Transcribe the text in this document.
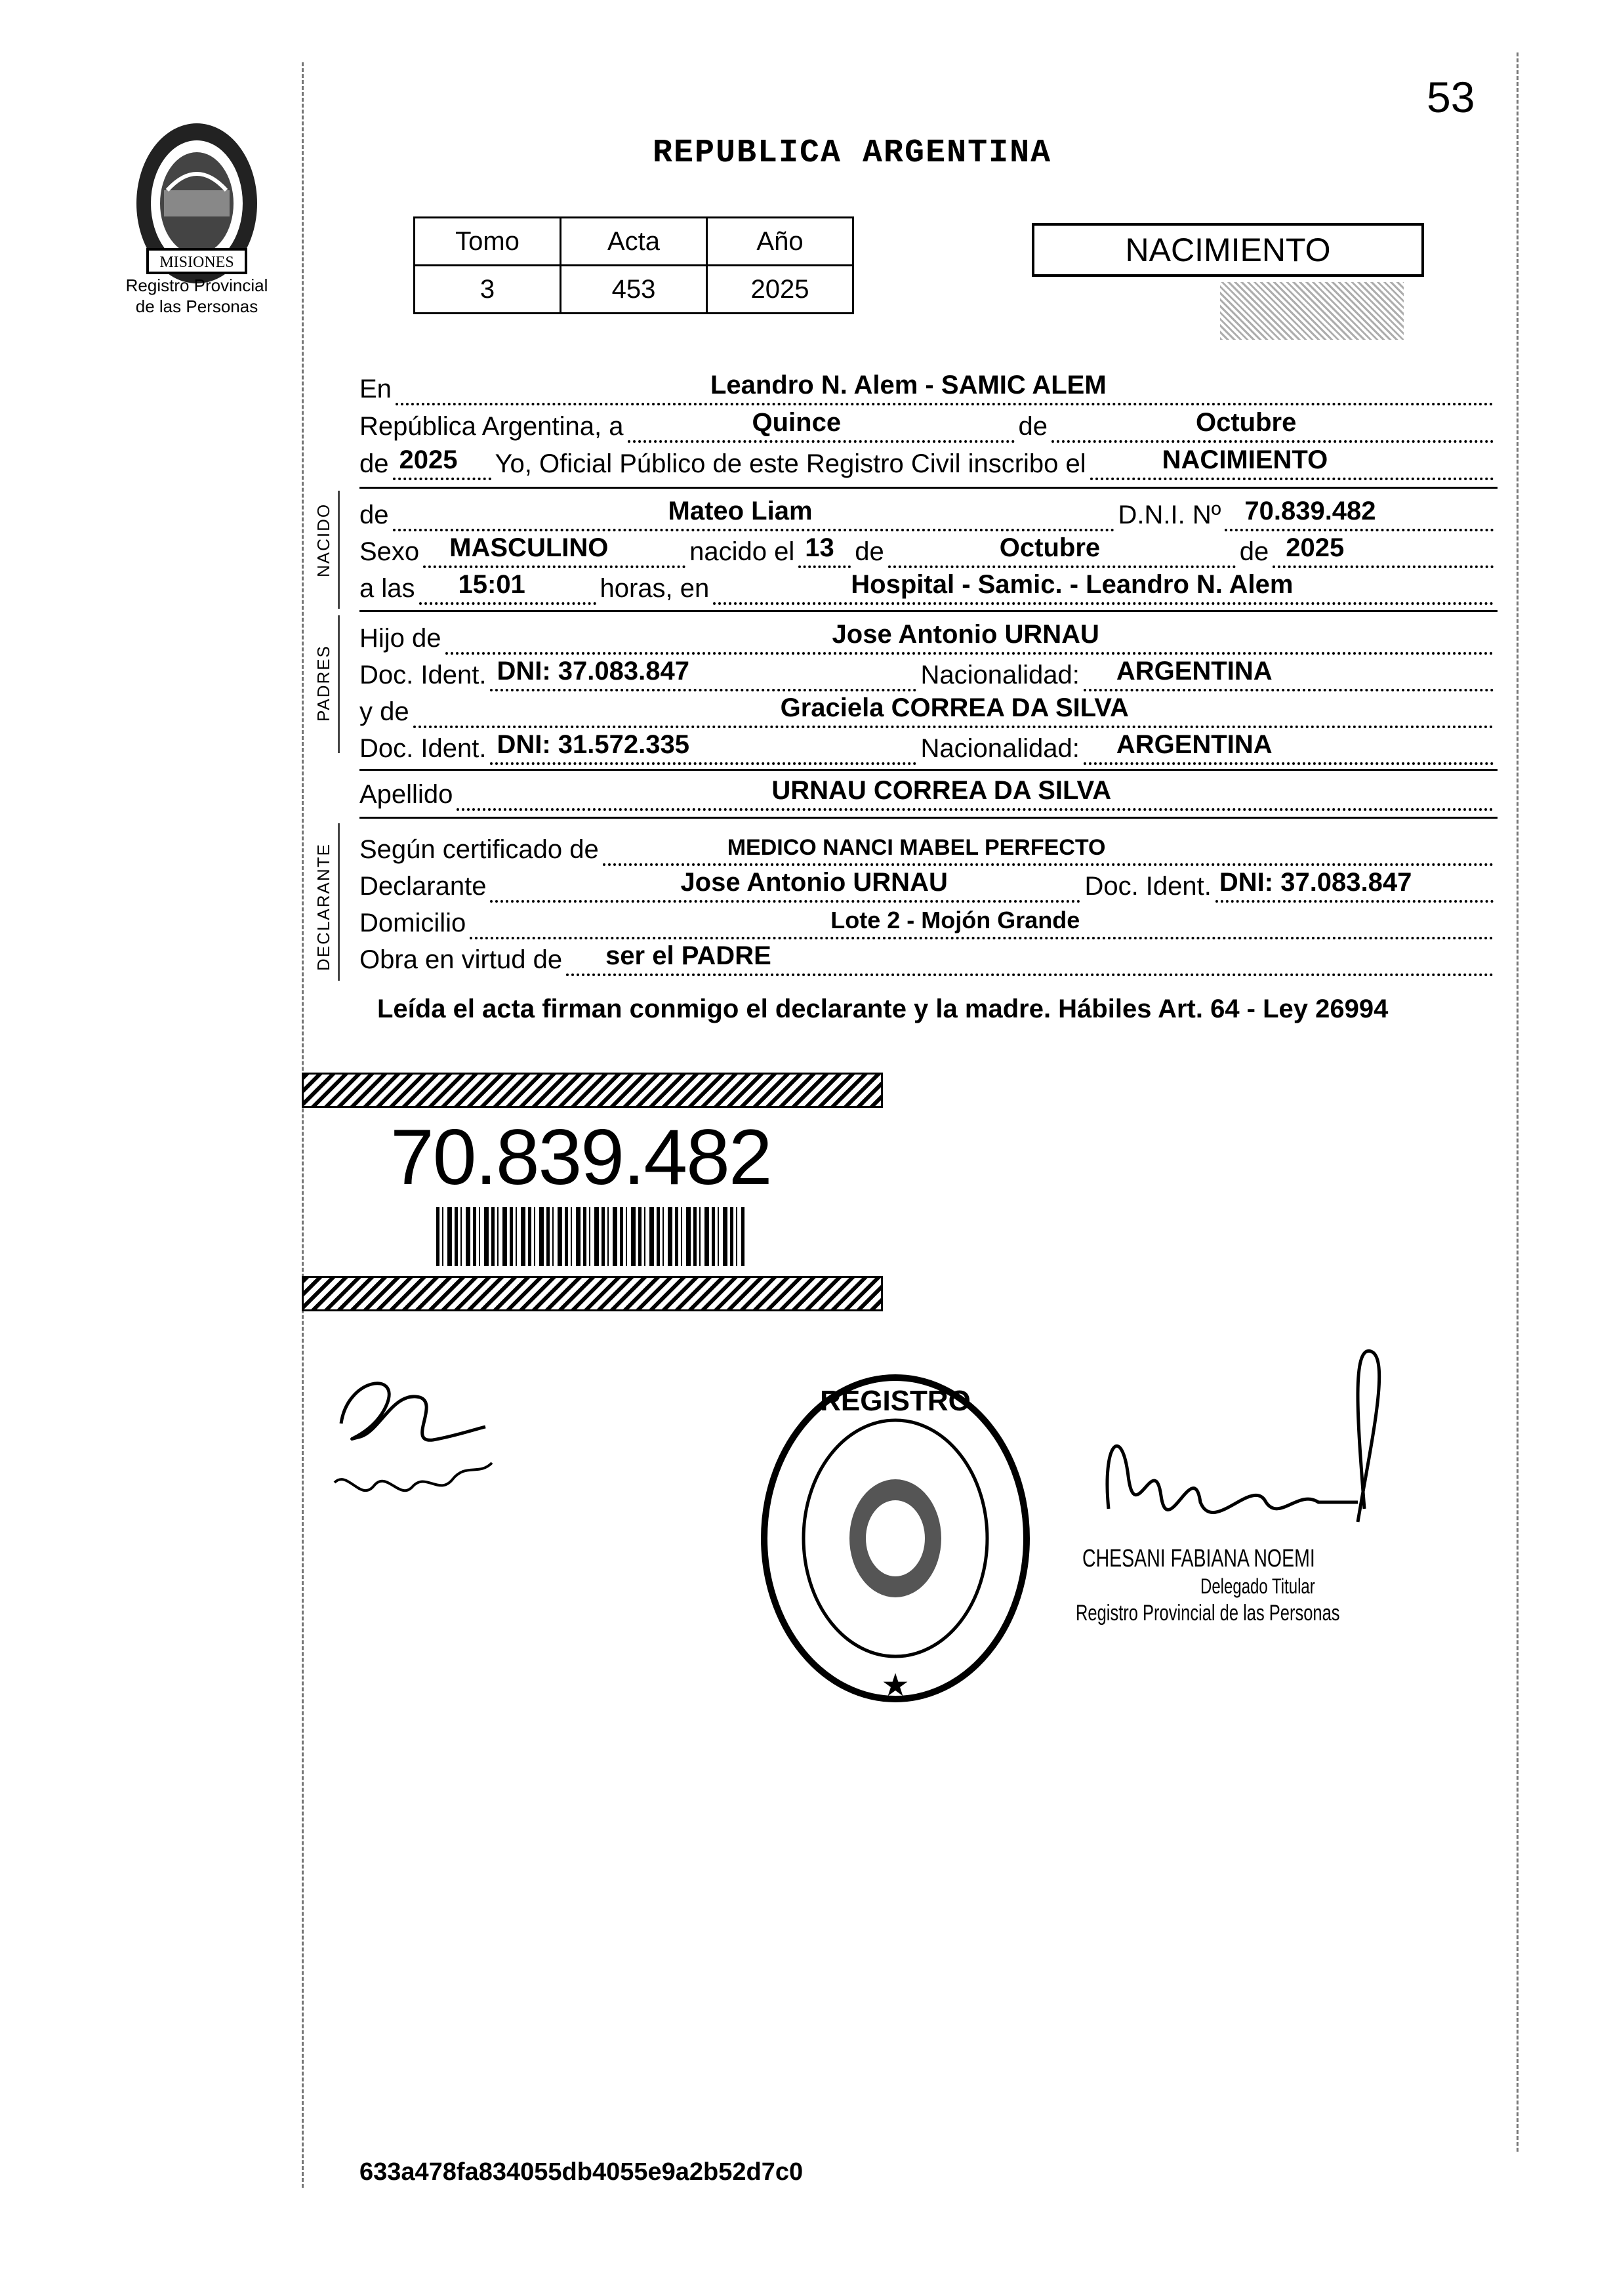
53
MISIONES
Registro Provincial
de las Personas
REPUBLICA ARGENTINA
Tomo	Acta	Año
3	453	2025
NACIMIENTO
En	Leandro N. Alem - SAMIC ALEM
República Argentina, a	Quince	de	Octubre
de 2025 Yo, Oficial Público de este Registro Civil inscribo el	NACIMIENTO
NACIDO de	Mateo Liam	D.N.I. Nº 70.839.482
Sexo MASCULINO	nacido el 13 de	Octubre	de 2025
a las 15:01	horas, en	Hospital - Samic. - Leandro N. Alem
PADRES
Hijo de	Jose Antonio URNAU
Doc. Ident. DNI: 37.083.847	Nacionalidad: ARGENTINA
y de	Graciela CORREA DA SILVA
Doc. Ident. DNI: 31.572.335	Nacionalidad: ARGENTINA
Apellido	URNAU CORREA DA SILVA
DECLARANTE Según certificado de	MEDICO NANCI MABEL PERFECTO
Declarante	Jose Antonio URNAU	Doc. Ident. DNI: 37.083.847
Domicilio	Lote 2 - Mojón Grande
Obra en virtud de ser el PADRE
Leída el acta firman conmigo el declarante y la madre. Hábiles Art. 64 - Ley 26994
70.839.482
REGISTRO
★
CHESANI FABIANA NOEMI
Delegado Titular
Registro Provincial de las Personas
633a478fa834055db4055e9a2b52d7c0
